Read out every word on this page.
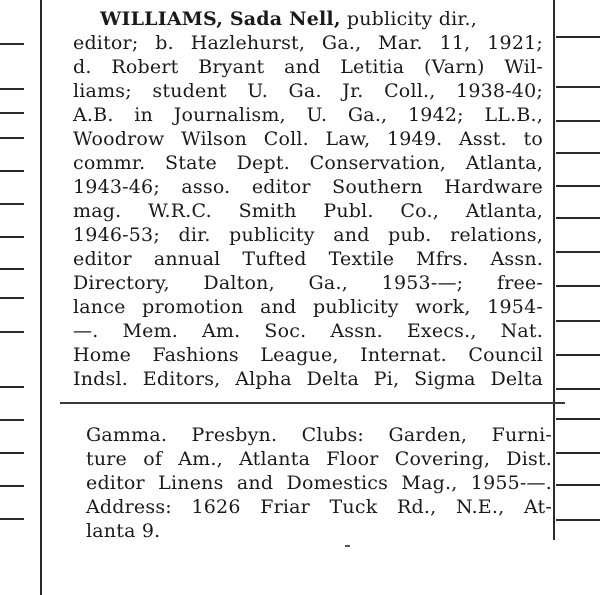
WILLIAMS, Sada Nell, publicity dir.,
editor; b. Hazlehurst, Ga., Mar. 11, 1921;
d. Robert Bryant and Letitia (Varn) Wil-
liams; student U. Ga. Jr. Coll., 1938-40;
A.B. in Journalism, U. Ga., 1942; LL.B.,
Woodrow Wilson Coll. Law, 1949. Asst. to
commr. State Dept. Conservation, Atlanta,
1943-46; asso. editor Southern Hardware
mag. W.R.C. Smith Publ. Co., Atlanta,
1946-53; dir. publicity and pub. relations,
editor annual Tufted Textile Mfrs. Assn.
Directory, Dalton, Ga., 1953-—; free-
lance promotion and publicity work, 1954-
—. Mem. Am. Soc. Assn. Execs., Nat.
Home Fashions League, Internat. Council
Indsl. Editors, Alpha Delta Pi, Sigma Delta
Gamma. Presbyn. Clubs: Garden, Furni-
ture of Am., Atlanta Floor Covering, Dist.
editor Linens and Domestics Mag., 1955-—.
Address: 1626 Friar Tuck Rd., N.E., At-
lanta 9.
